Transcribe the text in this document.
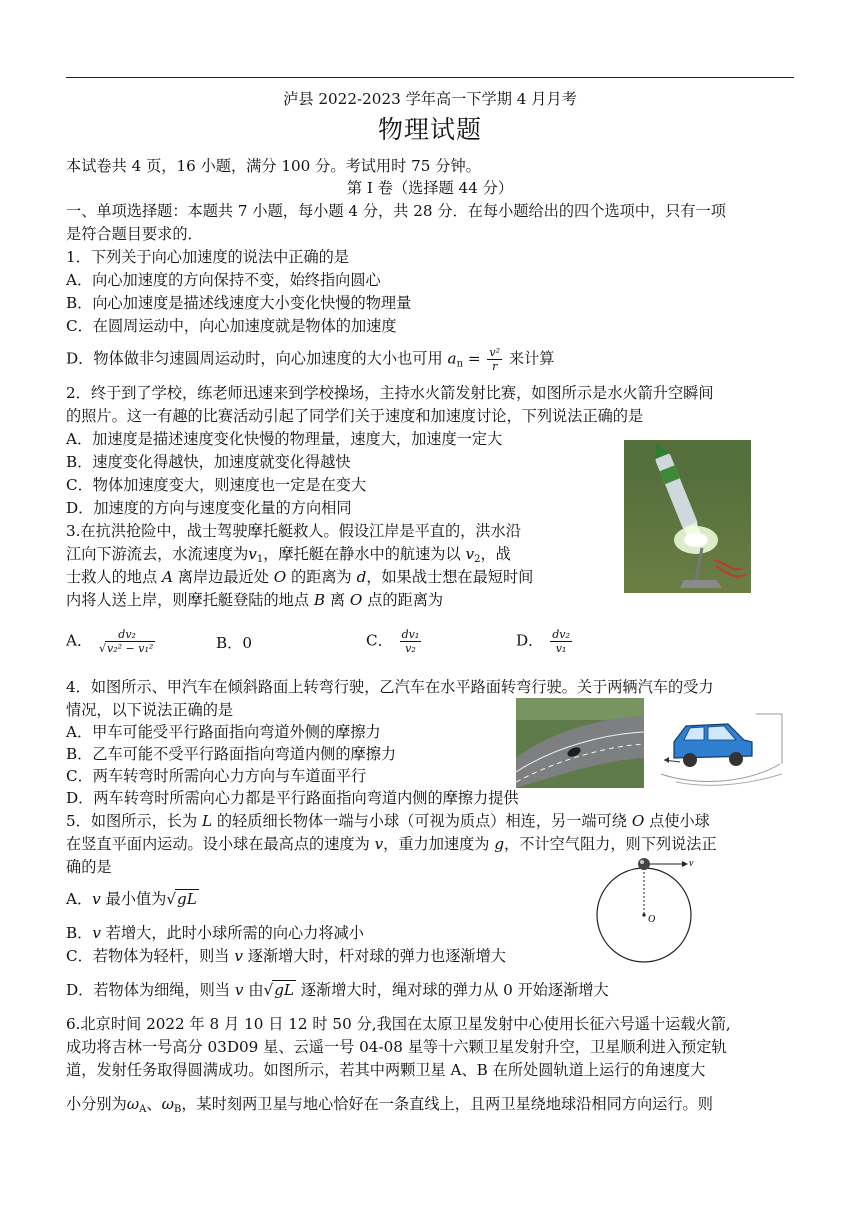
泸县 2022-2023 学年高一下学期 4 月月考
物理试题
本试卷共 4 页，16 小题，满分 100 分。考试用时 75 分钟。
第 I 卷（选择题 44 分）
一、单项选择题：本题共 7 小题，每小题 4 分，共 28 分．在每小题给出的四个选项中，只有一项
是符合题目要求的．
1．下列关于向心加速度的说法中正确的是
A．向心加速度的方向保持不变，始终指向圆心
B．向心加速度是描述线速度大小变化快慢的物理量
C．在圆周运动中，向心加速度就是物体的加速度
D．物体做非匀速圆周运动时，向心加速度的大小也可用 $a_n = \frac{\text{v²}}{r}$ 来计算
2．终于到了学校，练老师迅速来到学校操场，主持水火箭发射比赛，如图所示是水火箭升空瞬间
的照片。这一有趣的比赛活动引起了同学们关于速度和加速度讨论，下列说法正确的是
A．加速度是描述速度变化快慢的物理量，速度大，加速度一定大
B．速度变化得越快，加速度就变化得越快
C．物体加速度变大，则速度也一定是在变大
D．加速度的方向与速度变化量的方向相同
3.在抗洪抢险中，战士驾驶摩托艇救人。假设江岸是平直的，洪水沿
江向下游流去，水流速度为$v_1$，摩托艇在静水中的航速为以 $v_2$，战
士救人的地点 A 离岸边最近处 O 的距离为 d，如果战士想在最短时间
内将人送上岸，则摩托艇登陆的地点 B 离 O 点的距离为
A． $\frac{\text{dv₂}}{\text{√v₂² − v₁²}}$	B．0	C． $\frac{\text{dv₁}}{\text{v₂}}$	D． $\frac{\text{dv₂}}{\text{v₁}}$
4．如图所示、甲汽车在倾斜路面上转弯行驶，乙汽车在水平路面转弯行驶。关于两辆汽车的受力
情况，以下说法正确的是
A．甲车可能受平行路面指向弯道外侧的摩擦力
B．乙车可能不受平行路面指向弯道内侧的摩擦力
C．两车转弯时所需向心力方向与车道面平行
D．两车转弯时所需向心力都是平行路面指向弯道内侧的摩擦力提供
5．如图所示，长为 L 的轻质细长物体一端与小球（可视为质点）相连，另一端可绕 O 点使小球
在竖直平面内运动。设小球在最高点的速度为 v，重力加速度为 g，不计空气阻力，则下列说法正
确的是
A．v 最小值为√gL
B．v 若增大，此时小球所需的向心力将减小
C．若物体为轻杆，则当 v 逐渐增大时，杆对球的弹力也逐渐增大
D．若物体为细绳，则当 v 由√gL 逐渐增大时，绳对球的弹力从 0 开始逐渐增大
v
O
6.北京时间 2022 年 8 月 10 日 12 时 50 分,我国在太原卫星发射中心使用长征六号遥十运载火箭,
成功将吉林一号高分 03D09 星、云遥一号 04-08 星等十六颗卫星发射升空，卫星顺利进入预定轨
道，发射任务取得圆满成功。如图所示，若其中两颗卫星 A、B 在所处圆轨道上运行的角速度大
小分别为$\omega_A$、$\omega_B$，某时刻两卫星与地心恰好在一条直线上，且两卫星绕地球沿相同方向运行。则
